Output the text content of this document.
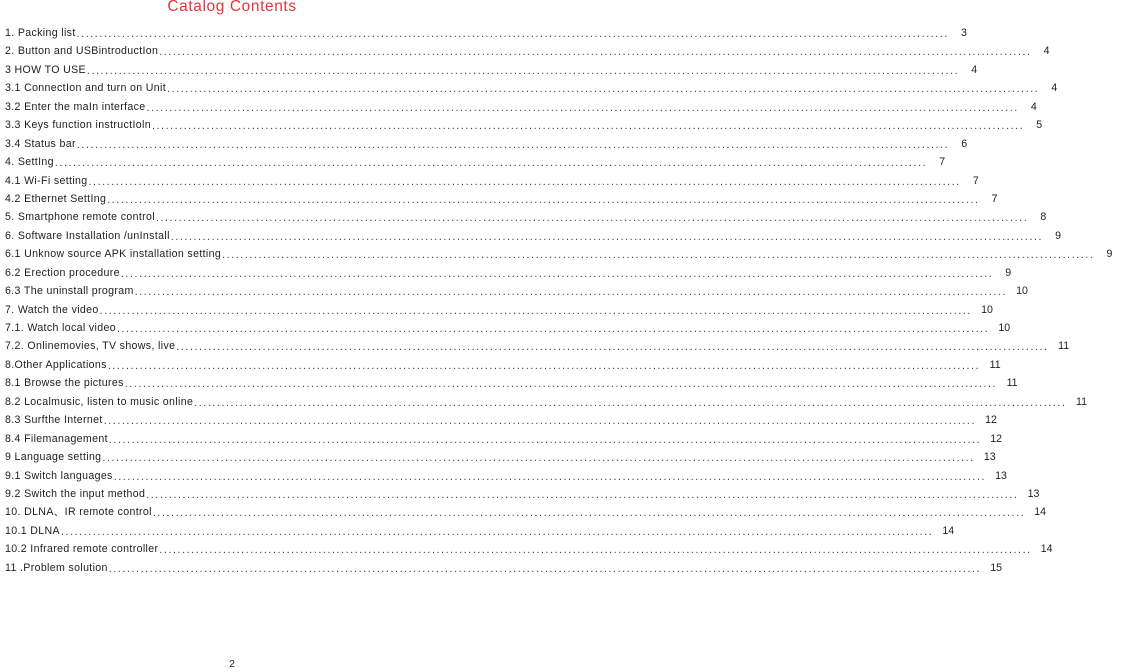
Catalog Contents
1. Packing list ................................................................................................................................................................................................	3
2. Button and USBintroductIon ................................................................................................................................................................................................	4
3 HOW TO USE ................................................................................................................................................................................................	4
3.1 ConnectIon and turn on Unit ................................................................................................................................................................................................	4
3.2 Enter the maIn interface ................................................................................................................................................................................................	4
3.3 Keys function instructIoln ................................................................................................................................................................................................	5
3.4 Status bar ................................................................................................................................................................................................	6
4. SettIng ................................................................................................................................................................................................	7
4.1 Wi-Fi setting ................................................................................................................................................................................................	7
4.2 Ethernet SettIng ................................................................................................................................................................................................	7
5. Smartphone remote control ................................................................................................................................................................................................	8
6. Software Installation /unInstall ................................................................................................................................................................................................	9
6.1 Unknow source APK installation setting ................................................................................................................................................................................................	9
6.2 Erection procedure ................................................................................................................................................................................................	9
6.3 The uninstall program ................................................................................................................................................................................................ 10
7. Watch the video ................................................................................................................................................................................................ 10
7.1. Watch local video ................................................................................................................................................................................................ 10
7.2. Onlinemovies, TV shows, live ................................................................................................................................................................................................ 11
8.Other Applications ................................................................................................................................................................................................ 11
8.1 Browse the pictures ................................................................................................................................................................................................ 11
8.2 Localmusic, listen to music online ................................................................................................................................................................................................ 11
8.3 Surfthe Internet ................................................................................................................................................................................................ 12
8.4 Filemanagement ................................................................................................................................................................................................ 12
9 Language setting ................................................................................................................................................................................................ 13
9.1 Switch languages ................................................................................................................................................................................................ 13
9.2 Switch the input method ................................................................................................................................................................................................ 13
10. DLNA、IR remote control ................................................................................................................................................................................................ 14
10.1 DLNA ................................................................................................................................................................................................ 14
10.2 Infrared remote controller ................................................................................................................................................................................................ 14
11 .Problem solution ................................................................................................................................................................................................ 15
2
